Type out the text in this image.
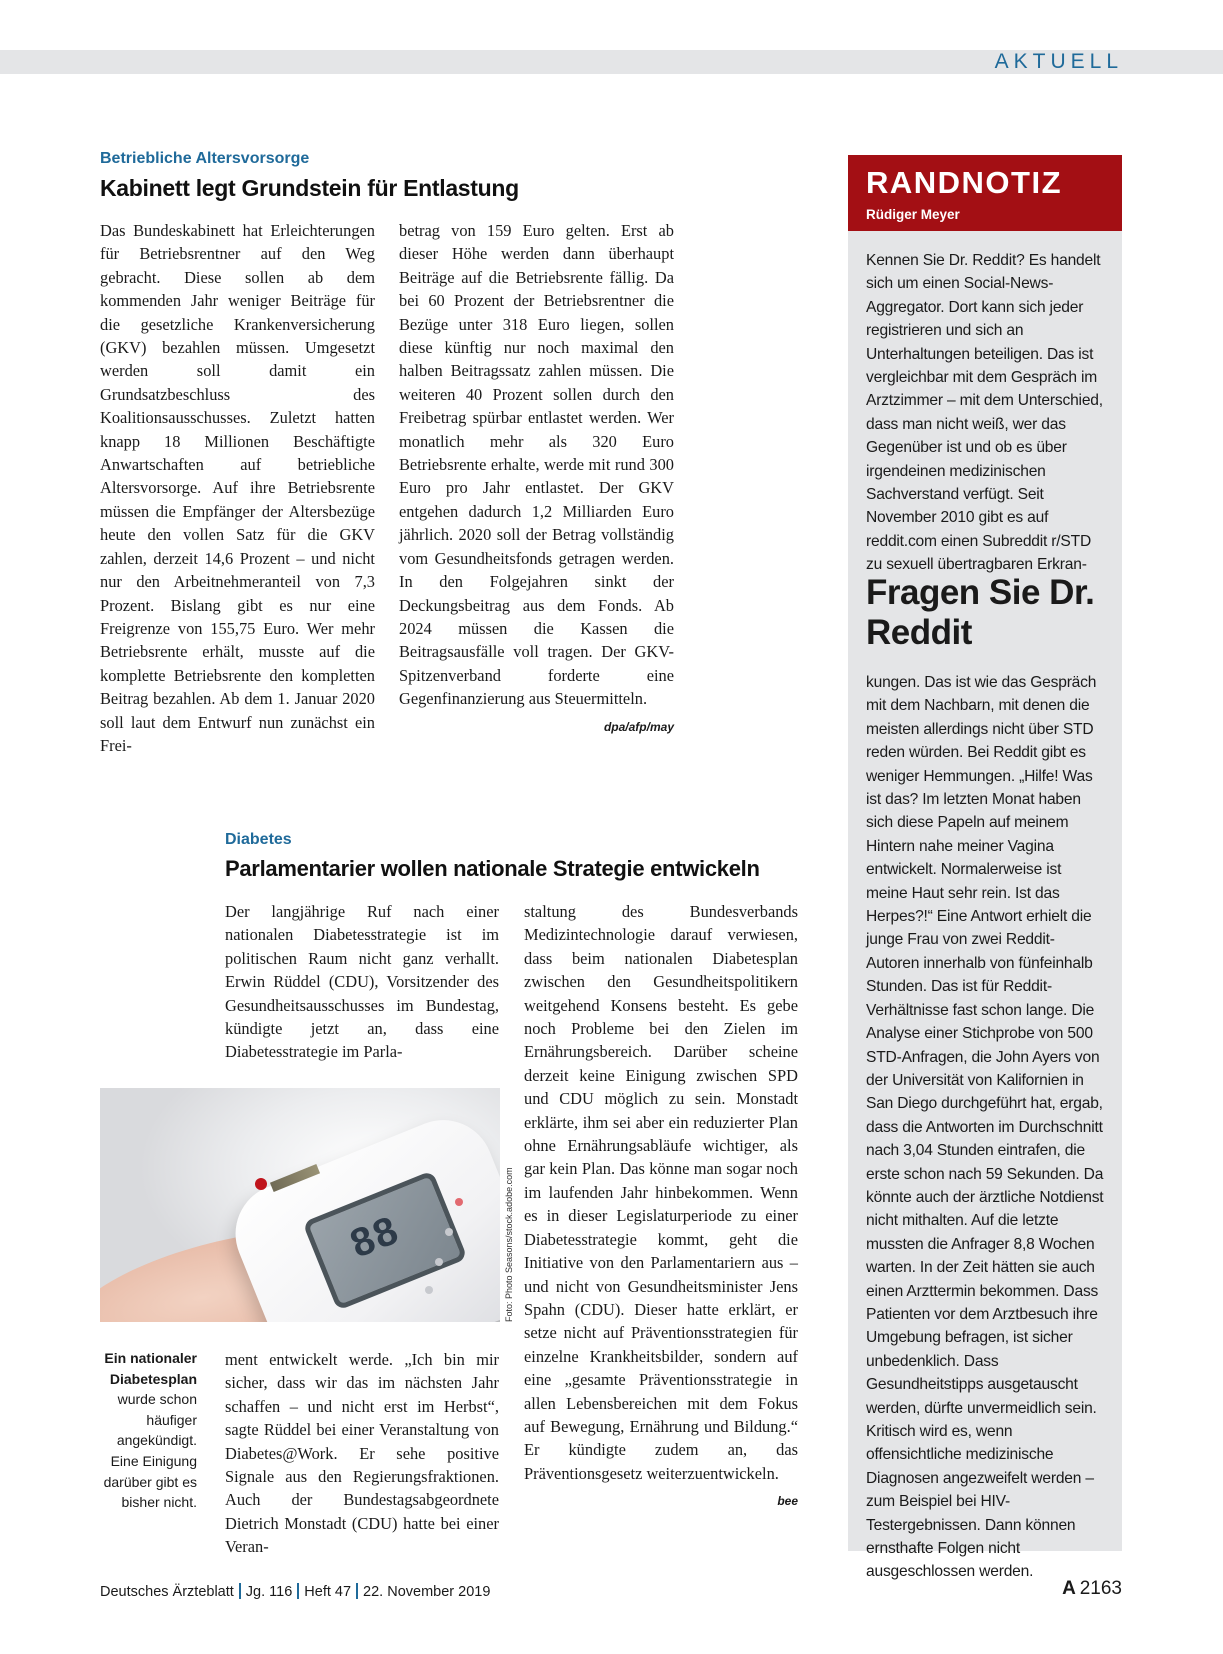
AKTUELL
Betriebliche Altersvorsorge
Kabinett legt Grundstein für Entlastung

Das Bundeskabinett hat Erleichterungen für Betriebsrentner auf den Weg gebracht. Diese sollen ab dem kommenden Jahr weniger Beiträge für die gesetzliche Krankenversicherung (GKV) bezahlen müssen. Umgesetzt werden soll damit ein Grundsatzbeschluss des Koalitionsausschusses. Zuletzt hatten knapp 18 Millionen Beschäftigte Anwartschaften auf betriebliche Altersvorsorge. Auf ihre Betriebsrente müssen die Empfänger der Altersbezüge heute den vollen Satz für die GKV zahlen, derzeit 14,6 Prozent – und nicht nur den Arbeitnehmeranteil von 7,3 Prozent. Bislang gibt es nur eine Freigrenze von 155,75 Euro. Wer mehr Betriebsrente erhält, musste auf die komplette Betriebsrente den kompletten Beitrag bezahlen. Ab dem 1. Januar 2020 soll laut dem Entwurf nun zunächst ein Frei-

betrag von 159 Euro gelten. Erst ab dieser Höhe werden dann überhaupt Beiträge auf die Betriebsrente fällig. Da bei 60 Prozent der Betriebsrentner die Bezüge unter 318 Euro liegen, sollen diese künftig nur noch maximal den halben Beitragssatz zahlen müssen. Die weiteren 40 Prozent sollen durch den Freibetrag spürbar entlastet werden. Wer monatlich mehr als 320 Euro Betriebsrente erhalte, werde mit rund 300 Euro pro Jahr entlastet. Der GKV entgehen dadurch 1,2 Milliarden Euro jährlich. 2020 soll der Betrag vollständig vom Gesundheitsfonds getragen werden. In den Folgejahren sinkt der Deckungsbeitrag aus dem Fonds. Ab 2024 müssen die Kassen die Beitragsausfälle voll tragen. Der GKV-Spitzenverband forderte eine Gegenfinanzierung aus Steuermitteln.
dpa/afp/may
Diabetes
Parlamentarier wollen nationale Strategie entwickeln

Der langjährige Ruf nach einer nationalen Diabetesstrategie ist im politischen Raum nicht ganz verhallt. Erwin Rüddel (CDU), Vorsitzender des Gesundheitsausschusses im Bundestag, kündigte jetzt an, dass eine Diabetesstrategie im Parla-

88	Foto: Photo Seasons/stock.adobe.com

Ein nationaler Diabetesplan wurde schon häufiger angekündigt. Eine Einigung darüber gibt es bisher nicht.

ment entwickelt werde. „Ich bin mir sicher, dass wir das im nächsten Jahr schaffen – und nicht erst im Herbst“, sagte Rüddel bei einer Veranstaltung von Diabetes@Work. Er sehe positive Signale aus den Regierungsfraktionen. Auch der Bundestagsabgeordnete Dietrich Monstadt (CDU) hatte bei einer Veran-

staltung des Bundesverbands Medizintechnologie darauf verwiesen, dass beim nationalen Diabetesplan zwischen den Gesundheitspolitikern weitgehend Konsens besteht. Es gebe noch Probleme bei den Zielen im Ernährungsbereich. Darüber scheine derzeit keine Einigung zwischen SPD und CDU möglich zu sein. Monstadt erklärte, ihm sei aber ein reduzierter Plan ohne Ernährungsabläufe wichtiger, als gar kein Plan. Das könne man sogar noch im laufenden Jahr hinbekommen. Wenn es in dieser Legislaturperiode zu einer Diabetesstrategie kommt, geht die Initiative von den Parlamentariern aus – und nicht von Gesundheitsminister Jens Spahn (CDU). Dieser hatte erklärt, er setze nicht auf Präventionsstrategien für einzelne Krankheitsbilder, sondern auf eine „gesamte Präventionsstrategie in allen Lebensbereichen mit dem Fokus auf Bewegung, Ernährung und Bildung.“ Er kündigte zudem an, das Präventionsgesetz weiterzuentwickeln.
bee
RANDNOTIZ
Rüdiger Meyer

Kennen Sie Dr. Reddit? Es handelt sich um einen Social-News-Aggregator. Dort kann sich jeder registrieren und sich an Unterhaltungen beteiligen. Das ist vergleichbar mit dem Gespräch im Arztzimmer – mit dem Unterschied, dass man nicht weiß, wer das Gegenüber ist und ob es über irgendeinen medizinischen Sachverstand verfügt. Seit November 2010 gibt es auf reddit.com einen Subreddit r/STD zu sexuell übertragbaren Erkran-

Fragen Sie Dr. Reddit

kungen. Das ist wie das Gespräch mit dem Nachbarn, mit denen die meisten allerdings nicht über STD reden würden. Bei Reddit gibt es weniger Hemmungen. „Hilfe! Was ist das? Im letzten Monat haben sich diese Papeln auf meinem Hintern nahe meiner Vagina entwickelt. Normalerweise ist meine Haut sehr rein. Ist das Herpes?!“ Eine Antwort erhielt die junge Frau von zwei Reddit-Autoren innerhalb von fünfeinhalb Stunden. Das ist für Reddit-Verhältnisse fast schon lange. Die Analyse einer Stichprobe von 500 STD-Anfragen, die John Ayers von der Universität von Kalifornien in San Diego durchgeführt hat, ergab, dass die Antworten im Durchschnitt nach 3,04 Stunden eintrafen, die erste schon nach 59 Sekunden. Da könnte auch der ärztliche Notdienst nicht mithalten. Auf die letzte mussten die Anfrager 8,8 Wochen warten. In der Zeit hätten sie auch einen Arzttermin bekommen. Dass Patienten vor dem Arztbesuch ihre Umgebung befragen, ist sicher unbedenklich. Dass Gesundheitstipps ausgetauscht werden, dürfte unvermeidlich sein. Kritisch wird es, wenn offensichtliche medizinische Diagnosen angezweifelt werden – zum Beispiel bei HIV-Testergebnissen. Dann können ernsthafte Folgen nicht ausgeschlossen werden.

Deutsches Ärzteblatt Jg. 116 Heft 47 22. November 2019	A  2163
